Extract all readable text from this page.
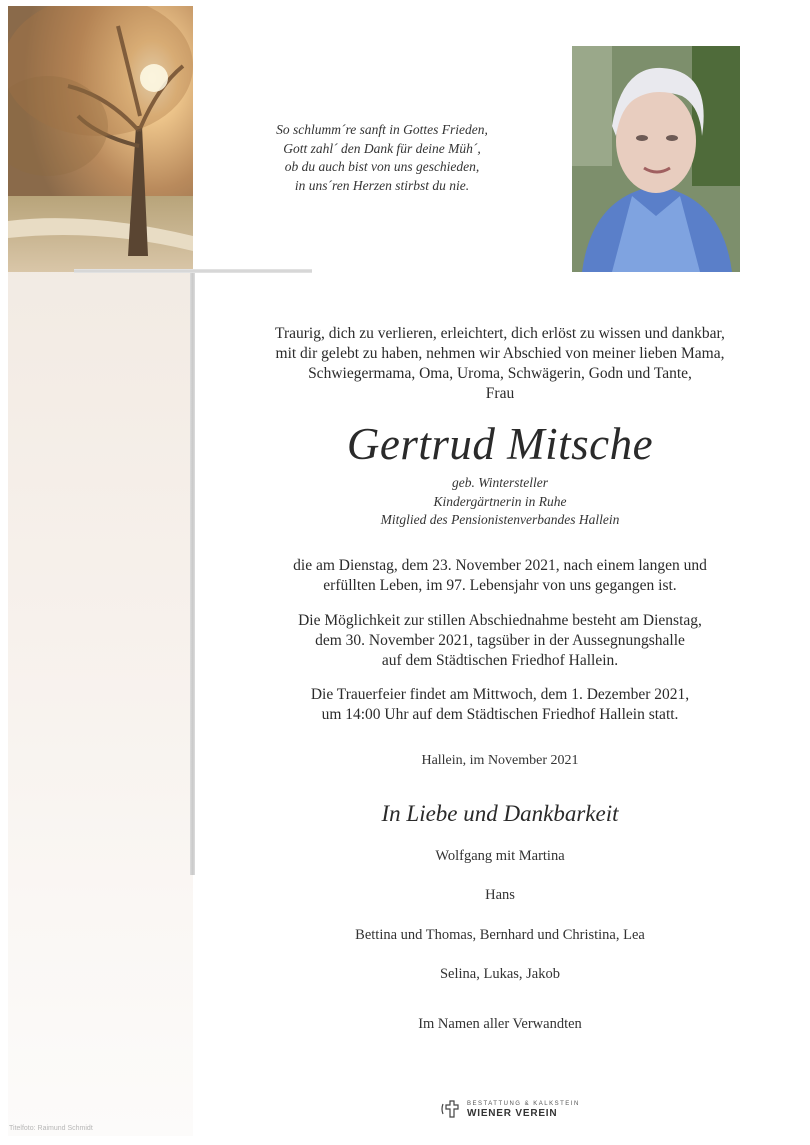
So schlumm´re sanft in Gottes Frieden,
Gott zahl´ den Dank für deine Müh´,
ob du auch bist von uns geschieden,
in uns´ren Herzen stirbst du nie.
Traurig, dich zu verlieren, erleichtert, dich erlöst zu wissen und dankbar,
mit dir gelebt zu haben, nehmen wir Abschied von meiner lieben Mama,
Schwiegermama, Oma, Uroma, Schwägerin, Godn und Tante,
Frau
Gertrud Mitsche
geb. Wintersteller
Kindergärtnerin in Ruhe
Mitglied des Pensionistenverbandes Hallein
die am Dienstag, dem 23. November 2021, nach einem langen und
erfüllten Leben, im 97. Lebensjahr von uns gegangen ist.
Die Möglichkeit zur stillen Abschiednahme besteht am Dienstag,
dem 30. November 2021, tagsüber in der Aussegnungshalle
auf dem Städtischen Friedhof Hallein.
Die Trauerfeier findet am Mittwoch, dem 1. Dezember 2021,
um 14:00 Uhr auf dem Städtischen Friedhof Hallein statt.
Hallein, im November 2021
In Liebe und Dankbarkeit
Wolfgang mit Martina
Hans
Bettina und Thomas, Bernhard und Christina, Lea
Selina, Lukas, Jakob
Im Namen aller Verwandten
BESTATTUNG & KALKSTEIN
WIENER VEREIN
Titelfoto: Raimund Schmidt
